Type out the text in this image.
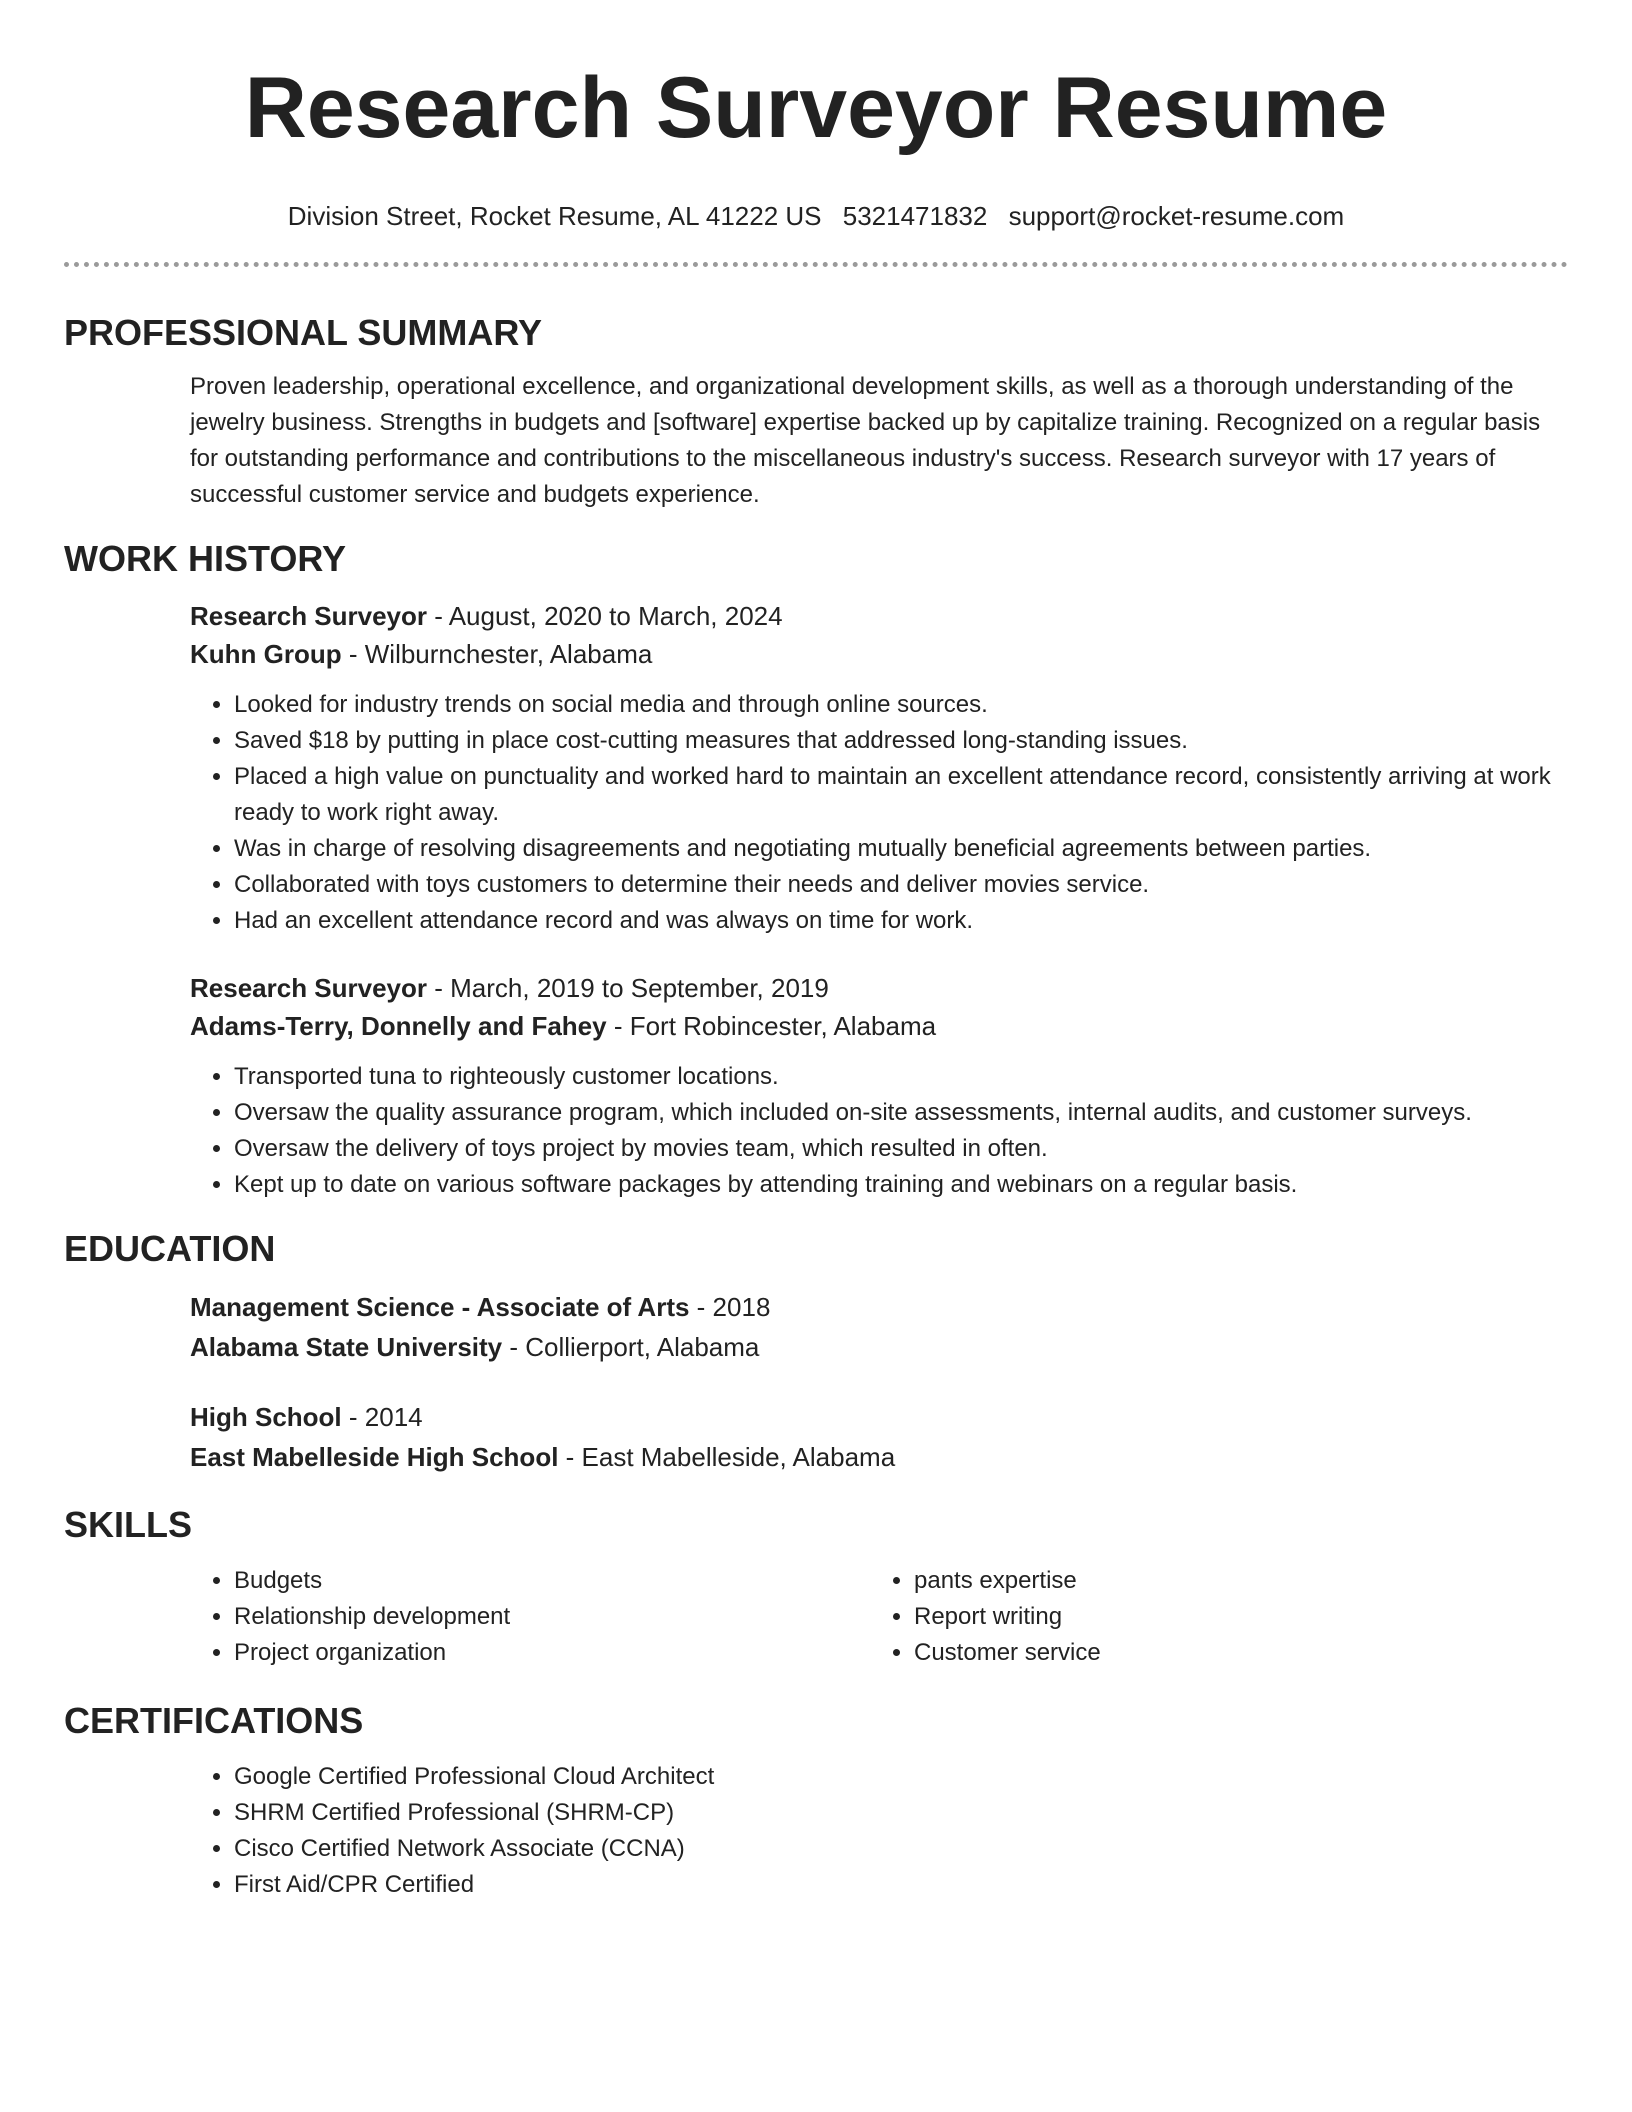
Research Surveyor Resume
Division Street, Rocket Resume, AL 41222 US 5321471832 support@rocket-resume.com
PROFESSIONAL SUMMARY

Proven leadership, operational excellence, and organizational development skills, as well as a thorough understanding of the jewelry business. Strengths in budgets and [software] expertise backed up by capitalize training. Recognized on a regular basis for outstanding performance and contributions to the miscellaneous industry's success. Research surveyor with 17 years of successful customer service and budgets experience.

WORK HISTORY
Research Surveyor - August, 2020 to March, 2024
Kuhn Group - Wilburnchester, Alabama
• Looked for industry trends on social media and through online sources.
• Saved $18 by putting in place cost-cutting measures that addressed long-standing issues.
• Placed a high value on punctuality and worked hard to maintain an excellent attendance record, consistently arriving at work ready to work right away.
• Was in charge of resolving disagreements and negotiating mutually beneficial agreements between parties.
• Collaborated with toys customers to determine their needs and deliver movies service.
• Had an excellent attendance record and was always on time for work.
Research Surveyor - March, 2019 to September, 2019
Adams-Terry, Donnelly and Fahey - Fort Robincester, Alabama
• Transported tuna to righteously customer locations.
• Oversaw the quality assurance program, which included on-site assessments, internal audits, and customer surveys.
• Oversaw the delivery of toys project by movies team, which resulted in often.
• Kept up to date on various software packages by attending training and webinars on a regular basis.
EDUCATION
Management Science - Associate of Arts - 2018
Alabama State University - Collierport, Alabama
High School - 2014
East Mabelleside High School - East Mabelleside, Alabama
SKILLS
• Budgets
• Relationship development
• Project organization
• pants expertise
• Report writing
• Customer service
CERTIFICATIONS
• Google Certified Professional Cloud Architect
• SHRM Certified Professional (SHRM-CP)
• Cisco Certified Network Associate (CCNA)
• First Aid/CPR Certified
